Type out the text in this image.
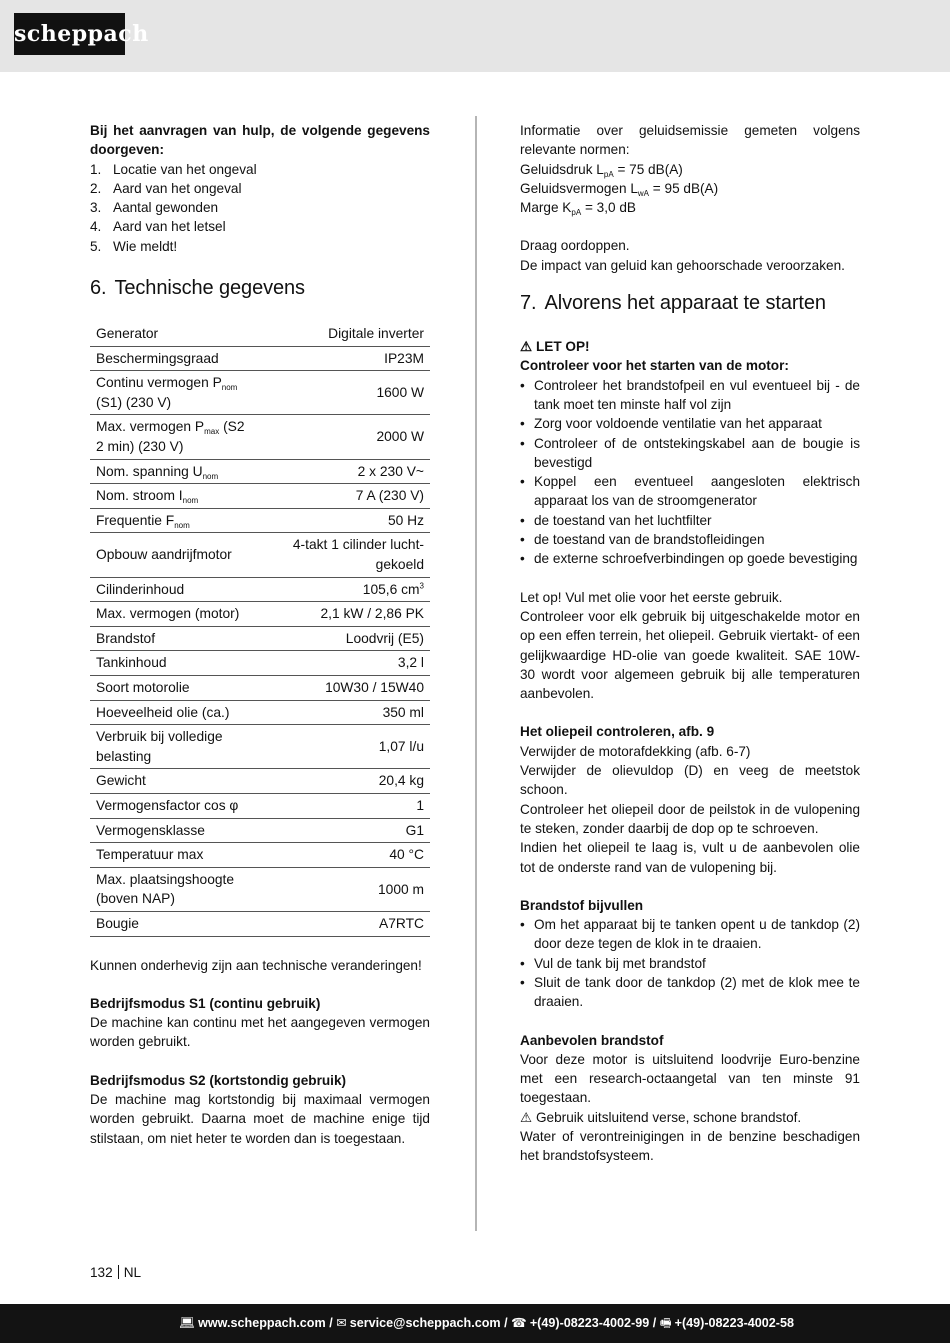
scheppach

Bij het aanvragen van hulp, de volgende gegevens doorgeven:

1. Locatie van het ongeval
2. Aard van het ongeval
3. Aantal gewonden
4. Aard van het letsel
5. Wie meldt!
6. Technische gegevens
Generator	Digitale inverter
Beschermingsgraad	IP23M
Continu vermogen $P_{nom}$
(S1) (230 V)	1600 W
Max. vermogen $P_{max}$ (S2
2 min) (230 V)	2000 W
Nom. spanning $U_{nom}$	2 x 230 V~
Nom. stroom $I_{nom}$	7 A (230 V)
Frequentie $F_{nom}$	50 Hz
Opbouw aandrijfmotor	4-takt 1 cilinder lucht-
gekoeld
Cilinderinhoud	105,6 $cm^3$
Max. vermogen (motor)	2,1 kW / 2,86 PK
Brandstof	Loodvrij (E5)
Tankinhoud	3,2 l
Soort motorolie	10W30 / 15W40
Hoeveelheid olie (ca.)	350 ml
Verbruik bij volledige
belasting	1,07 l/u
Gewicht	20,4 kg
Vermogensfactor cos φ	1
Vermogensklasse	G1
Temperatuur max	40 °C
Max. plaatsingshoogte
(boven NAP)	1000 m
Bougie	A7RTC

Kunnen onderhevig zijn aan technische veranderingen!

Bedrijfsmodus S1 (continu gebruik)

De machine kan continu met het aangegeven vermogen worden gebruikt.

Bedrijfsmodus S2 (kortstondig gebruik)

De machine mag kortstondig bij maximaal vermogen worden gebruikt. Daarna moet de machine enige tijd stilstaan, om niet heter te worden dan is toegestaan.

Informatie over geluidsemissie gemeten volgens relevante normen:

Geluidsdruk $L_{pA} = 75$ dB(A)

Geluidsvermogen $L_{wA} = 95$ dB(A)

Marge $K_{pA} = 3,0$ dB

Draag oordoppen.

De impact van geluid kan gehoorschade veroorzaken.

7. Alvorens het apparaat te starten

⚠ LET OP!

Controleer voor het starten van de motor:

• Controleer het brandstofpeil en vul eventueel bij - de tank moet ten minste half vol zijn
• Zorg voor voldoende ventilatie van het apparaat
• Controleer of de ontstekingskabel aan de bougie is bevestigd
• Koppel een eventueel aangesloten elektrisch apparaat los van de stroomgenerator
• de toestand van het luchtfilter
• de toestand van de brandstofleidingen
• de externe schroefverbindingen op goede bevestiging

Let op! Vul met olie voor het eerste gebruik.

Controleer voor elk gebruik bij uitgeschakelde motor en op een effen terrein, het oliepeil. Gebruik viertakt- of een gelijkwaardige HD-olie van goede kwaliteit. SAE 10W-30 wordt voor algemeen gebruik bij alle temperaturen aanbevolen.

Het oliepeil controleren, afb. 9

Verwijder de motorafdekking (afb. 6-7)

Verwijder de olievuldop (D) en veeg de meetstok schoon.

Controleer het oliepeil door de peilstok in de vulopening te steken, zonder daarbij de dop op te schroeven.

Indien het oliepeil te laag is, vult u de aanbevolen olie tot de onderste rand van de vulopening bij.

Brandstof bijvullen

• Om het apparaat bij te tanken opent u de tankdop (2) door deze tegen de klok in te draaien.
• Vul de tank bij met brandstof
• Sluit de tank door de tankdop (2) met de klok mee te draaien.

Aanbevolen brandstof

Voor deze motor is uitsluitend loodvrije Euro-benzine met een research-octaangetal van ten minste 91 toegestaan.

⚠ Gebruik uitsluitend verse, schone brandstof.

Water of verontreinigingen in de benzine beschadigen het brandstofsysteem.

132 NL
💻︎ www.scheppach.com / ✉ service@scheppach.com / ☎ +(49)-08223-4002-99 / 🖷︎ +(49)-08223-4002-58
